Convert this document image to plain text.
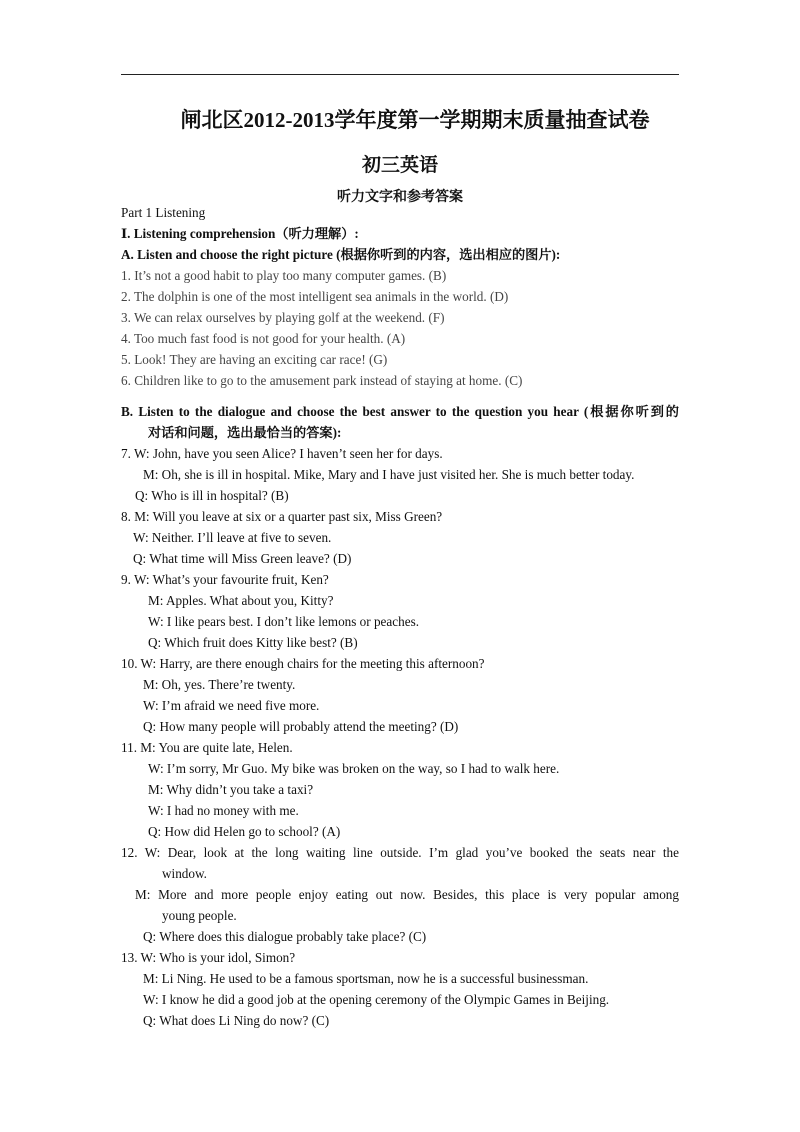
闸北区2012-2013学年度第一学期期末质量抽查试卷
初三英语
听力文字和参考答案
Part 1 Listening
Ⅰ. Listening comprehension（听力理解）:
A. Listen and choose the right picture (根据你听到的内容，选出相应的图片):
1. It’s not a good habit to play too many computer games. (B)
2. The dolphin is one of the most intelligent sea animals in the world. (D)
3. We can relax ourselves by playing golf at the weekend. (F)
4. Too much fast food is not good for your health. (A)
5. Look! They are having an exciting car race! (G)
6. Children like to go to the amusement park instead of staying at home. (C)
B. Listen to the dialogue and choose the best answer to the question you hear (根据你听到的
对话和问题，选出最恰当的答案):
7. W: John, have you seen Alice? I haven’t seen her for days.
M: Oh, she is ill in hospital. Mike, Mary and I have just visited her. She is much better today.
Q: Who is ill in hospital? (B)
8. M: Will you leave at six or a quarter past six, Miss Green?
W: Neither. I’ll leave at five to seven.
Q: What time will Miss Green leave? (D)
9. W: What’s your favourite fruit, Ken?
M: Apples. What about you, Kitty?
W: I like pears best. I don’t like lemons or peaches.
Q: Which fruit does Kitty like best? (B)
10. W: Harry, are there enough chairs for the meeting this afternoon?
M: Oh, yes. There’re twenty.
W: I’m afraid we need five more.
Q: How many people will probably attend the meeting? (D)
11. M: You are quite late, Helen.
W: I’m sorry, Mr Guo. My bike was broken on the way, so I had to walk here.
M: Why didn’t you take a taxi?
W: I had no money with me.
Q: How did Helen go to school? (A)
12. W: Dear, look at the long waiting line outside. I’m glad you’ve booked the seats near the
window.
M: More and more people enjoy eating out now. Besides, this place is very popular among
young people.
Q: Where does this dialogue probably take place? (C)
13. W: Who is your idol, Simon?
M: Li Ning. He used to be a famous sportsman, now he is a successful businessman.
W: I know he did a good job at the opening ceremony of the Olympic Games in Beijing.
Q: What does Li Ning do now? (C)
